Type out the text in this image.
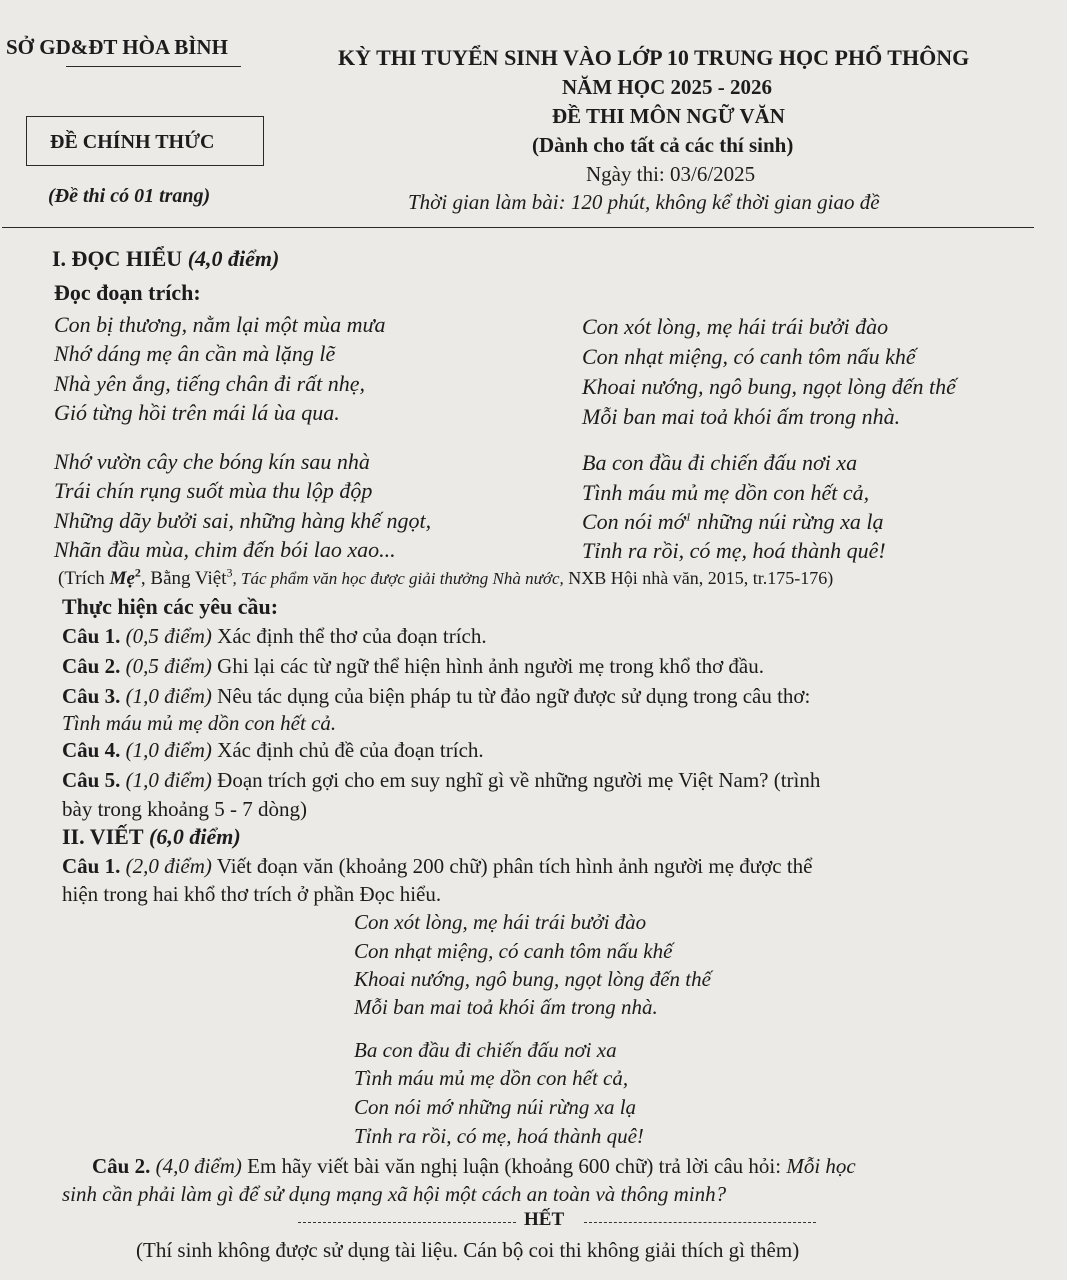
SỞ GD&ĐT HÒA BÌNH
ĐỀ CHÍNH THỨC
(Đề thi có 01 trang)
KỲ THI TUYỂN SINH VÀO LỚP 10 TRUNG HỌC PHỔ THÔNG
NĂM HỌC 2025 - 2026
ĐỀ THI MÔN NGỮ VĂN
(Dành cho tất cả các thí sinh)
Ngày thi: 03/6/2025
Thời gian làm bài: 120 phút, không kể thời gian giao đề
I. ĐỌC HIỂU (4,0 điểm)
Đọc đoạn trích:
Con bị thương, nằm lại một mùa mưa
Nhớ dáng mẹ ân cần mà lặng lẽ
Nhà yên ắng, tiếng chân đi rất nhẹ,
Gió từng hồi trên mái lá ùa qua.
Nhớ vườn cây che bóng kín sau nhà
Trái chín rụng suốt mùa thu lộp độp
Những dãy bưởi sai, những hàng khế ngọt,
Nhãn đầu mùa, chim đến bói lao xao...
Con xót lòng, mẹ hái trái bưởi đào
Con nhạt miệng, có canh tôm nấu khế
Khoai nướng, ngô bung, ngọt lòng đến thế
Mỗi ban mai toả khói ấm trong nhà.
Ba con đầu đi chiến đấu nơi xa
Tình máu mủ mẹ dồn con hết cả,
Con nói mớ$^1$ những núi rừng xa lạ
Tỉnh ra rồi, có mẹ, hoá thành quê!
(Trích Mẹ$^2$, Bằng Việt$^3$, Tác phẩm văn học được giải thưởng Nhà nước, NXB Hội nhà văn, 2015, tr.175-176)
Thực hiện các yêu cầu:
Câu 1. (0,5 điểm) Xác định thể thơ của đoạn trích.
Câu 2. (0,5 điểm) Ghi lại các từ ngữ thể hiện hình ảnh người mẹ trong khổ thơ đầu.
Câu 3. (1,0 điểm) Nêu tác dụng của biện pháp tu từ đảo ngữ được sử dụng trong câu thơ:
Tình máu mủ mẹ dồn con hết cả.
Câu 4. (1,0 điểm) Xác định chủ đề của đoạn trích.
Câu 5. (1,0 điểm) Đoạn trích gợi cho em suy nghĩ gì về những người mẹ Việt Nam? (trình
bày trong khoảng 5 - 7 dòng)
II. VIẾT (6,0 điểm)
Câu 1. (2,0 điểm) Viết đoạn văn (khoảng 200 chữ) phân tích hình ảnh người mẹ được thể
hiện trong hai khổ thơ trích ở phần Đọc hiểu.
Con xót lòng, mẹ hái trái bưởi đào
Con nhạt miệng, có canh tôm nấu khế
Khoai nướng, ngô bung, ngọt lòng đến thế
Mỗi ban mai toả khói ấm trong nhà.
Ba con đầu đi chiến đấu nơi xa
Tình máu mủ mẹ dồn con hết cả,
Con nói mớ những núi rừng xa lạ
Tỉnh ra rồi, có mẹ, hoá thành quê!
Câu 2. (4,0 điểm) Em hãy viết bài văn nghị luận (khoảng 600 chữ) trả lời câu hỏi: Mỗi học
sinh cần phải làm gì để sử dụng mạng xã hội một cách an toàn và thông minh?
HẾT
(Thí sinh không được sử dụng tài liệu. Cán bộ coi thi không giải thích gì thêm)
